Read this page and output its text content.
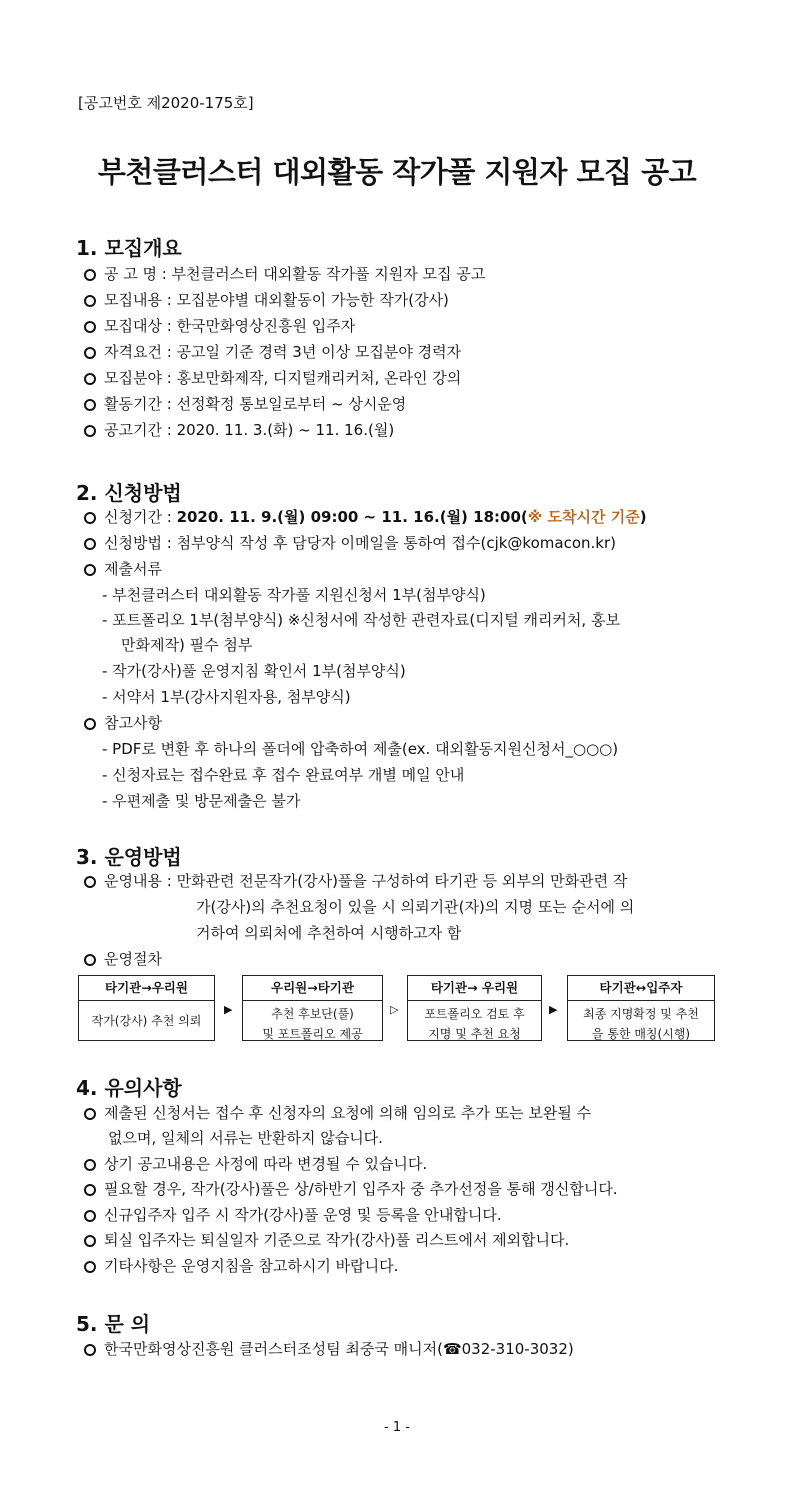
[공고번호 제2020-175호]
부천클러스터 대외활동 작가풀 지원자 모집 공고
1. 모집개요
공 고 명 : 부천클러스터 대외활동 작가풀 지원자 모집 공고
모집내용 : 모집분야별 대외활동이 가능한 작가(강사)
모집대상 : 한국만화영상진흥원 입주자
자격요건 : 공고일 기준 경력 3년 이상 모집분야 경력자
모집분야 : 홍보만화제작, 디지털캐리커처, 온라인 강의
활동기간 : 선정확정 통보일로부터 ~ 상시운영
공고기간 : 2020. 11. 3.(화) ~ 11. 16.(월)
2. 신청방법
신청기간 : 2020. 11. 9.(월) 09:00 ~ 11. 16.(월) 18:00(※ 도착시간 기준)
신청방법 : 첨부양식 작성 후 담당자 이메일을 통하여 접수(cjk@komacon.kr)
제출서류
- 부천클러스터 대외활동 작가풀 지원신청서 1부(첨부양식)
- 포트폴리오 1부(첨부양식) ※신청서에 작성한 관련자료(디지털 캐리커처, 홍보
만화제작) 필수 첨부
- 작가(강사)풀 운영지침 확인서 1부(첨부양식)
- 서약서 1부(강사지원자용, 첨부양식)
참고사항
- PDF로 변환 후 하나의 폴더에 압축하여 제출(ex. 대외활동지원신청서_○○○)
- 신청자료는 접수완료 후 접수 완료여부 개별 메일 안내
- 우편제출 및 방문제출은 불가
3. 운영방법
운영내용 : 만화관련 전문작가(강사)풀을 구성하여 타기관 등 외부의 만화관련 작
가(강사)의 추천요청이 있을 시 의뢰기관(자)의 지명 또는 순서에 의
거하여 의뢰처에 추천하여 시행하고자 함
운영절차
타기관→우리원
작가(강사) 추천 의뢰
▶
우리원→타기관
추천 후보단(풀)
및 포트폴리오 제공
▷
타기관→ 우리원
포트폴리오 검토 후
지명 및 추천 요청
▶
타기관↔입주자
최종 지명확정 및 추천
을 통한 매칭(시행)
4. 유의사항
제출된 신청서는 접수 후 신청자의 요청에 의해 임의로 추가 또는 보완될 수
없으며, 일체의 서류는 반환하지 않습니다.
상기 공고내용은 사정에 따라 변경될 수 있습니다.
필요할 경우, 작가(강사)풀은 상/하반기 입주자 중 추가선정을 통해 갱신합니다.
신규입주자 입주 시 작가(강사)풀 운영 및 등록을 안내합니다.
퇴실 입주자는 퇴실일자 기준으로 작가(강사)풀 리스트에서 제외합니다.
기타사항은 운영지침을 참고하시기 바랍니다.
5. 문 의
한국만화영상진흥원 클러스터조성팀 최중국 매니저(☎032-310-3032)
- 1 -
